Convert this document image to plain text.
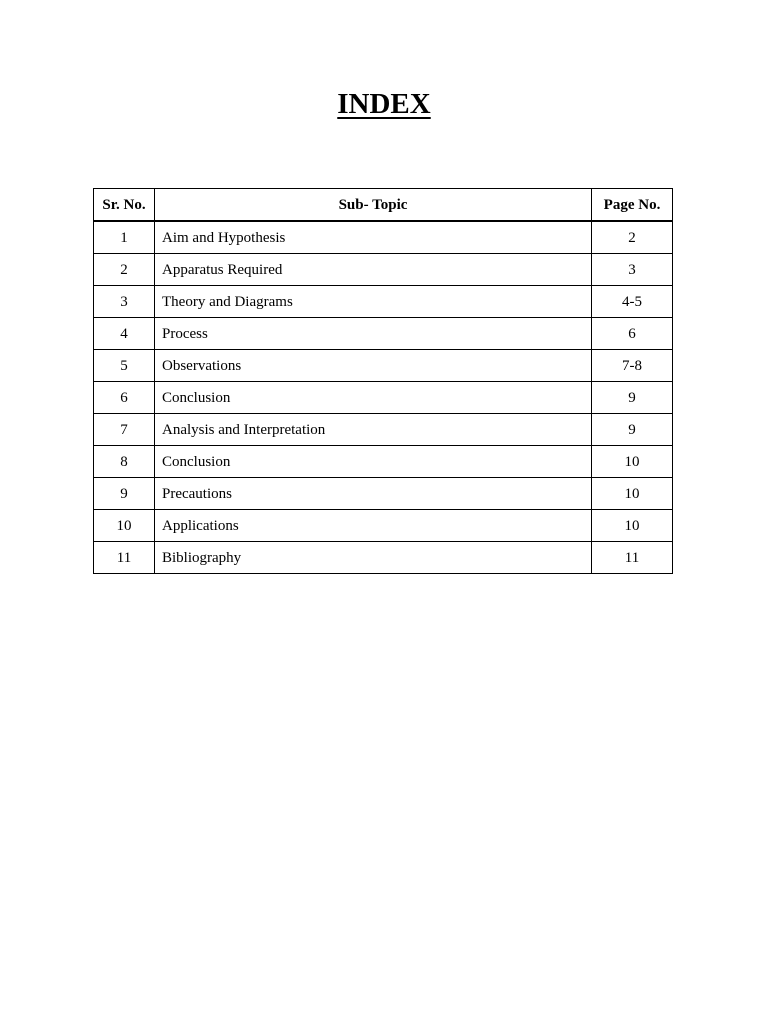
INDEX
Sr. No.	Sub- Topic	Page No.
1	Aim and Hypothesis	2
2	Apparatus Required	3
3	Theory and Diagrams	4-5
4	Process	6
5	Observations	7-8
6	Conclusion	9
7	Analysis and Interpretation	9
8	Conclusion	10
9	Precautions	10
10	Applications	10
11	Bibliography	11
